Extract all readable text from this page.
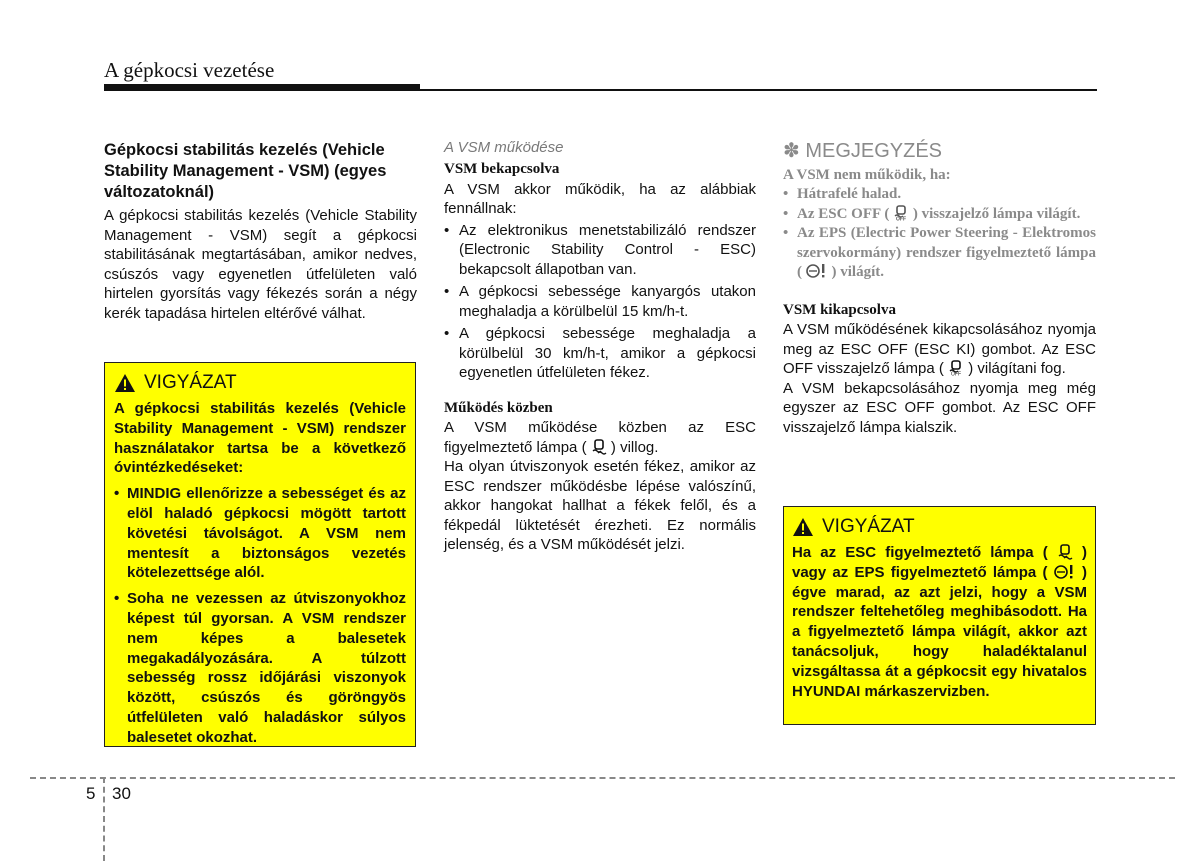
A gépkocsi vezetése

Gépkocsi stabilitás kezelés (Vehicle Stability Management - VSM) (egyes változatoknál)

A gépkocsi stabilitás kezelés (Vehicle Stability Management - VSM) segít a gépkocsi stabilitásának megtartásában, amikor nedves, csúszós vagy egyenetlen útfelületen való hirtelen gyorsítás vagy fékezés során a négy kerék tapadása hirtelen eltérővé válhat.

VIGYÁZAT

A gépkocsi stabilitás kezelés (Vehicle Stability Management - VSM) rendszer használatakor tartsa be a következő óvintézkedéseket:

• MINDIG ellenőrizze a sebességet és az elöl haladó gépkocsi mögött tartott követési távolságot. A VSM nem mentesít a biztonságos vezetés kötelezettsége alól.
• Soha ne vezessen az útviszonyokhoz képest túl gyorsan. A VSM rendszer nem képes a balesetek megakadályozására. A túlzott sebesség rossz időjárási viszonyok között, csúszós és göröngyös útfelületen való haladáskor súlyos balesetet okozhat.

A VSM működése

VSM bekapcsolva

A VSM akkor működik, ha az alábbiak fennállnak:

• Az elektronikus menetstabilizáló rendszer (Electronic Stability Control - ESC) bekapcsolt állapotban van.
• A gépkocsi sebessége kanyargós utakon meghaladja a körülbelül 15 km/h-t.
• A gépkocsi sebessége meghaladja a körülbelül 30 km/h-t, amikor a gépkocsi egyenetlen útfelületen fékez.

Működés közben

A VSM működése közben az ESC figyelmeztető lámpa ( ) villog.

Ha olyan útviszonyok esetén fékez, amikor az ESC rendszer működésbe lépése valószínű, akkor hangokat hallhat a fékek felől, és a fékpedál lüktetését érezheti. Ez normális jelenség, és a VSM működését jelzi.

✽ MEGJEGYZÉS

A VSM nem működik, ha:

• Hátrafelé halad.
• Az ESC OFF ( OFF ) visszajelző lámpa világít.
• Az EPS (Electric Power Steering - Elektromos szervokormány) rendszer figyelmeztető lámpa ( ) világít.

VSM kikapcsolva

A VSM működésének kikapcsolásához nyomja meg az ESC OFF (ESC KI) gombot. Az ESC OFF visszajelző lámpa ( OFF ) világítani fog.

A VSM bekapcsolásához nyomja meg még egyszer az ESC OFF gombot. Az ESC OFF visszajelző lámpa kialszik.

VIGYÁZAT

Ha az ESC figyelmeztető lámpa ( ) vagy az EPS figyelmeztető lámpa ( ) égve marad, az azt jelzi, hogy a VSM rendszer feltehetőleg meghibásodott. Ha a figyelmeztető lámpa világít, akkor azt tanácsoljuk, hogy haladéktalanul vizsgáltassa át a gépkocsit egy hivatalos HYUNDAI márkaszervizben.

5 30
